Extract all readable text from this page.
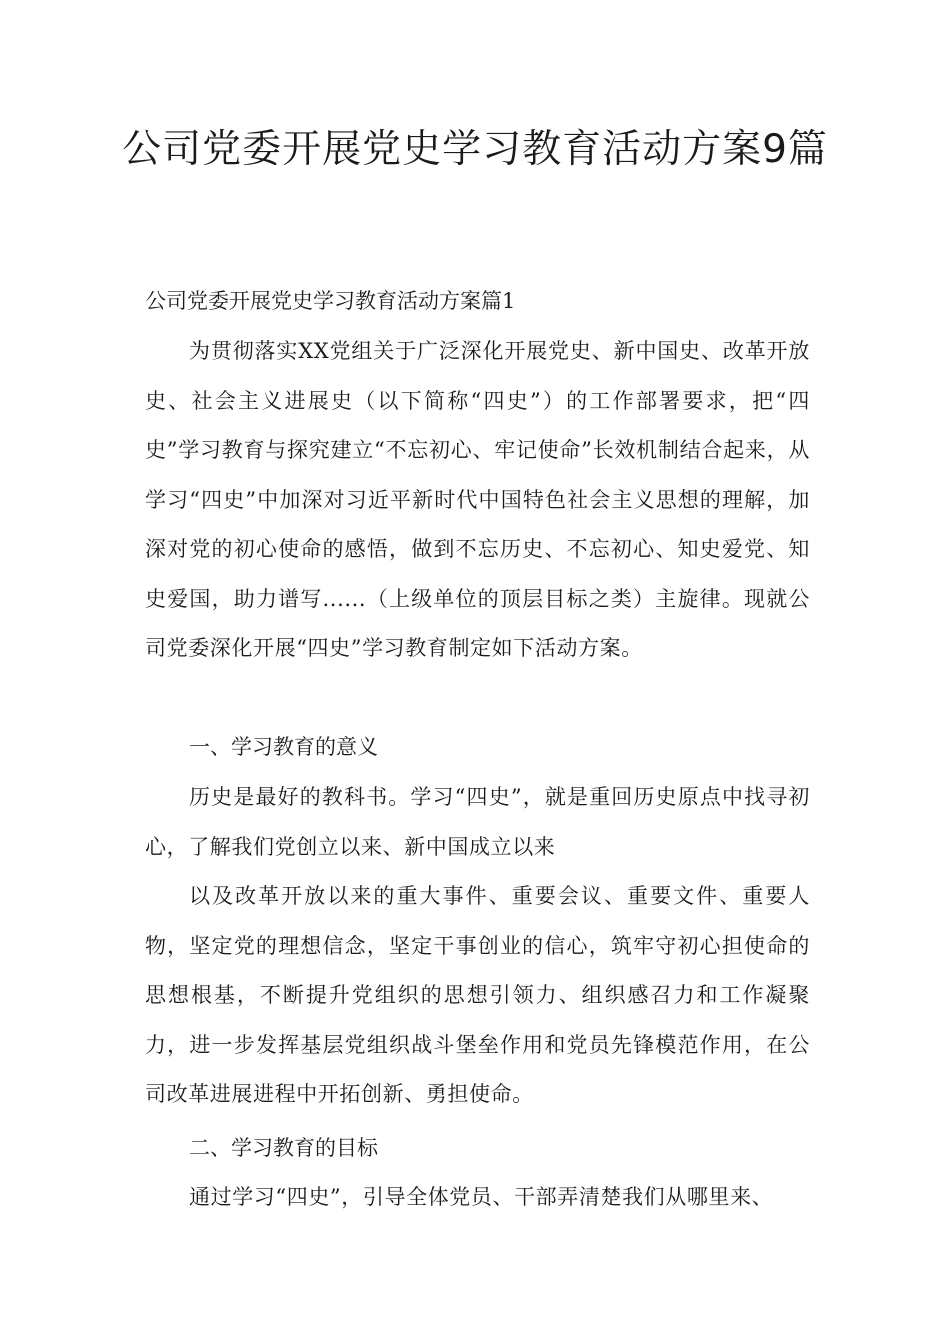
公司党委开展党史学习教育活动方案9篇

公司党委开展党史学习教育活动方案篇1

为贯彻落实XX党组关于广泛深化开展党史、新中国史、改革开放史、社会主义进展史（以下简称“四史”）的工作部署要求，把“四史”学习教育与探究建立“不忘初心、牢记使命”长效机制结合起来，从学习“四史”中加深对习近平新时代中国特色社会主义思想的理解，加深对党的初心使命的感悟，做到不忘历史、不忘初心、知史爱党、知史爱国，助力谱写......（上级单位的顶层目标之类）主旋律。现就公司党委深化开展“四史”学习教育制定如下活动方案。

一、学习教育的意义

历史是最好的教科书。学习“四史”，就是重回历史原点中找寻初心，了解我们党创立以来、新中国成立以来

以及改革开放以来的重大事件、重要会议、重要文件、重要人物，坚定党的理想信念，坚定干事创业的信心，筑牢守初心担使命的思想根基，不断提升党组织的思想引领力、组织感召力和工作凝聚力，进一步发挥基层党组织战斗堡垒作用和党员先锋模范作用，在公司改革进展进程中开拓创新、勇担使命。

二、学习教育的目标

通过学习“四史”，引导全体党员、干部弄清楚我们从哪里来、
